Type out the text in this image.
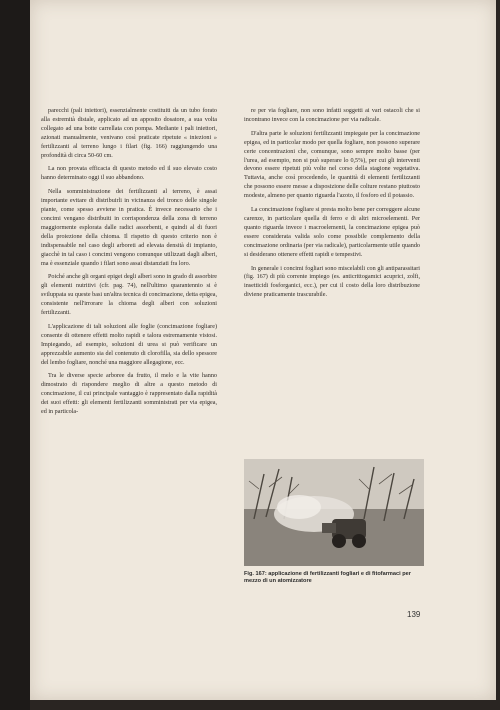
parecchi (pali iniettori), essenzialmente costituiti da un tubo forato alla estremità distale, applicato ad un apposito dosatore, a sua volta collegato ad una botte carrellata con pompa. Mediante i pali iniettori, azionati manualmente, venivano così praticate ripetute « iniezioni » fertilizzanti al terreno lungo i filari (fig. 166) raggiungendo una profondità di circa 50-60 cm.

La non provata efficacia di questo metodo ed il suo elevato costo hanno determinato oggi il suo abbandono.

Nella somministrazione dei fertilizzanti al terreno, è assai importante evitare di distribuirli in vicinanza del tronco delle singole piante, come spesso avviene in pratica. È invece necessario che i concimi vengano distribuiti in corrispondenza della zona di terreno maggiormente esplorata dalle radici assorbenti, e quindi al di fuori della proiezione della chioma. Il rispetto di questo criterio non è indispensabile nel caso degli arboreti ad elevata densità di impianto, giacchè in tal caso i concimi vengono comunque utilizzati dagli alberi, ma è essenziale quando i filari sono assai distanziati fra loro.

Poiché anche gli organi epigei degli alberi sono in grado di assorbire gli elementi nutritivi (cfr. pag. 74), nell'ultimo quarantennio si è sviluppata su queste basi un'altra tecnica di concimazione, detta epigea, consistente nell'irrorare la chioma degli alberi con soluzioni fertilizzanti.

L'applicazione di tali soluzioni alle foglie (concimazione fogliare) consente di ottenere effetti molto rapidi e talora estremamente vistosi. Impiegando, ad esempio, soluzioni di urea si può verificare un apprezzabile aumento sia del contenuto di clorofilla, sia dello spessore del lembo fogliare, nonché una maggiore allegagione, ecc.

Tra le diverse specie arboree da frutto, il melo e la vite hanno dimostrato di rispondere meglio di altre a questo metodo di concimazione, il cui principale vantaggio è rappresentato dalla rapidità dei suoi effetti: gli elementi fertilizzanti somministrati per via epigea, ed in particola-

re per via fogliare, non sono infatti soggetti ai vari ostacoli che si incontrano invece con la concimazione per via radicale.

D'altra parte le soluzioni fertilizzanti impiegate per la concimazione epigea, ed in particolar modo per quella fogliare, non possono superare certe concentrazioni che, comunque, sono sempre molto basse (per l'urea, ad esempio, non si può superare lo 0,5%), per cui gli interventi devono essere ripetuti più volte nel corso della stagione vegetativa. Tuttavia, anche così procedendo, le quantità di elementi fertilizzanti che possono essere messe a disposizione delle colture restano piuttosto modeste, almeno per quanto riguarda l'azoto, il fosforo ed il potassio.

La concimazione fogliare si presta molto bene per correggere alcune carenze, in particolare quella di ferro e di altri microelementi. Per quanto riguarda invece i macroelementi, la concimazione epigea può essere considerata valida solo come possibile complemento della concimazione ordinaria (per via radicale), particolarmente utile quando si desiderano ottenere effetti rapidi e tempestivi.

In generale i concimi fogliari sono miscelabili con gli antiparassitari (fig. 167) di più corrente impiego (es. anticrittogamici acuprici, zolfi, insetticidi fosforganici, ecc.), per cui il costo della loro distribuzione diviene praticamente trascurabile.

Fig. 167: applicazione di fertilizzanti fogliari e di fitofarmaci per mezzo di un atomizzatore
139
